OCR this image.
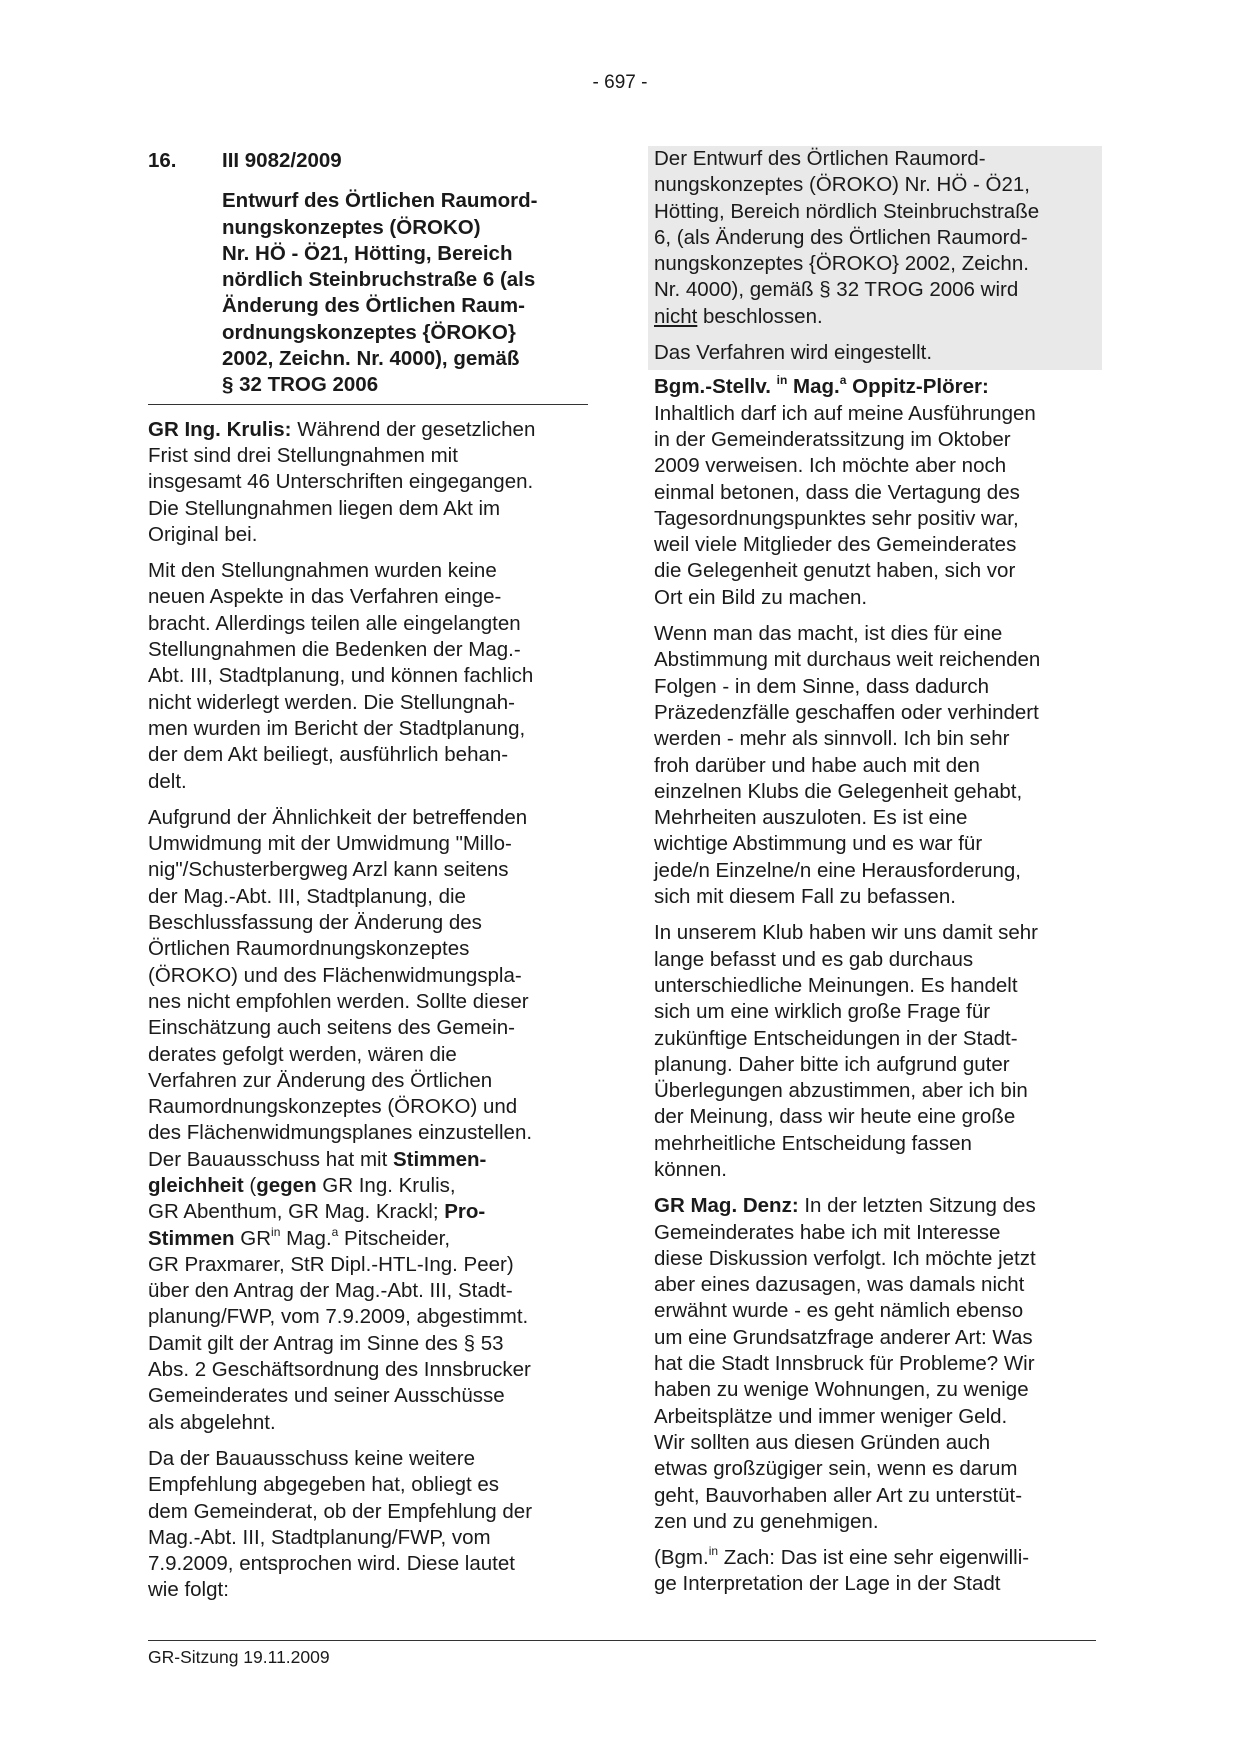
- 697 -
16. III 9082/2009
Entwurf des Örtlichen Raumord-
nungskonzeptes (ÖROKO)
Nr. HÖ - Ö21, Hötting, Bereich
nördlich Steinbruchstraße 6 (als
Änderung des Örtlichen Raum-
ordnungskonzeptes {ÖROKO}
2002, Zeichn. Nr. 4000), gemäß
§ 32 TROG 2006
GR Ing. Krulis: Während der gesetzlichen
Frist sind drei Stellungnahmen mit
insgesamt 46 Unterschriften eingegangen.
Die Stellungnahmen liegen dem Akt im
Original bei.
Mit den Stellungnahmen wurden keine
neuen Aspekte in das Verfahren einge-
bracht. Allerdings teilen alle eingelangten
Stellungnahmen die Bedenken der Mag.-
Abt. III, Stadtplanung, und können fachlich
nicht widerlegt werden. Die Stellungnah-
men wurden im Bericht der Stadtplanung,
der dem Akt beiliegt, ausführlich behan-
delt.
Aufgrund der Ähnlichkeit der betreffenden
Umwidmung mit der Umwidmung "Millo-
nig"/Schusterbergweg Arzl kann seitens
der Mag.-Abt. III, Stadtplanung, die
Beschlussfassung der Änderung des
Örtlichen Raumordnungskonzeptes
(ÖROKO) und des Flächenwidmungspla-
nes nicht empfohlen werden. Sollte dieser
Einschätzung auch seitens des Gemein-
derates gefolgt werden, wären die
Verfahren zur Änderung des Örtlichen
Raumordnungskonzeptes (ÖROKO) und
des Flächenwidmungsplanes einzustellen.
Der Bauausschuss hat mit Stimmen-
gleichheit (gegen GR Ing. Krulis,
GR Abenthum, GR Mag. Krackl; Pro-
Stimmen $GR^{in}$ Mag.$^a$ Pitscheider,
GR Praxmarer, StR Dipl.-HTL-Ing. Peer)
über den Antrag der Mag.-Abt. III, Stadt-
planung/FWP, vom 7.9.2009, abgestimmt.
Damit gilt der Antrag im Sinne des § 53
Abs. 2 Geschäftsordnung des Innsbrucker
Gemeinderates und seiner Ausschüsse
als abgelehnt.
Da der Bauausschuss keine weitere
Empfehlung abgegeben hat, obliegt es
dem Gemeinderat, ob der Empfehlung der
Mag.-Abt. III, Stadtplanung/FWP, vom
7.9.2009, entsprochen wird. Diese lautet
wie folgt:
Der Entwurf des Örtlichen Raumord-
nungskonzeptes (ÖROKO) Nr. HÖ - Ö21,
Hötting, Bereich nördlich Steinbruchstraße
6, (als Änderung des Örtlichen Raumord-
nungskonzeptes {ÖROKO} 2002, Zeichn.
Nr. 4000), gemäß § 32 TROG 2006 wird
nicht beschlossen.
Das Verfahren wird eingestellt.
Bgm.-Stellv. $^{in}$ Mag.$^a$ Oppitz-Plörer:
Inhaltlich darf ich auf meine Ausführungen
in der Gemeinderatssitzung im Oktober
2009 verweisen. Ich möchte aber noch
einmal betonen, dass die Vertagung des
Tagesordnungspunktes sehr positiv war,
weil viele Mitglieder des Gemeinderates
die Gelegenheit genutzt haben, sich vor
Ort ein Bild zu machen.
Wenn man das macht, ist dies für eine
Abstimmung mit durchaus weit reichenden
Folgen - in dem Sinne, dass dadurch
Präzedenzfälle geschaffen oder verhindert
werden - mehr als sinnvoll. Ich bin sehr
froh darüber und habe auch mit den
einzelnen Klubs die Gelegenheit gehabt,
Mehrheiten auszuloten. Es ist eine
wichtige Abstimmung und es war für
jede/n Einzelne/n eine Herausforderung,
sich mit diesem Fall zu befassen.
In unserem Klub haben wir uns damit sehr
lange befasst und es gab durchaus
unterschiedliche Meinungen. Es handelt
sich um eine wirklich große Frage für
zukünftige Entscheidungen in der Stadt-
planung. Daher bitte ich aufgrund guter
Überlegungen abzustimmen, aber ich bin
der Meinung, dass wir heute eine große
mehrheitliche Entscheidung fassen
können.
GR Mag. Denz: In der letzten Sitzung des
Gemeinderates habe ich mit Interesse
diese Diskussion verfolgt. Ich möchte jetzt
aber eines dazusagen, was damals nicht
erwähnt wurde - es geht nämlich ebenso
um eine Grundsatzfrage anderer Art: Was
hat die Stadt Innsbruck für Probleme? Wir
haben zu wenige Wohnungen, zu wenige
Arbeitsplätze und immer weniger Geld.
Wir sollten aus diesen Gründen auch
etwas großzügiger sein, wenn es darum
geht, Bauvorhaben aller Art zu unterstüt-
zen und zu genehmigen.
(Bgm.$^{in}$ Zach: Das ist eine sehr eigenwilli-
ge Interpretation der Lage in der Stadt
GR-Sitzung 19.11.2009
